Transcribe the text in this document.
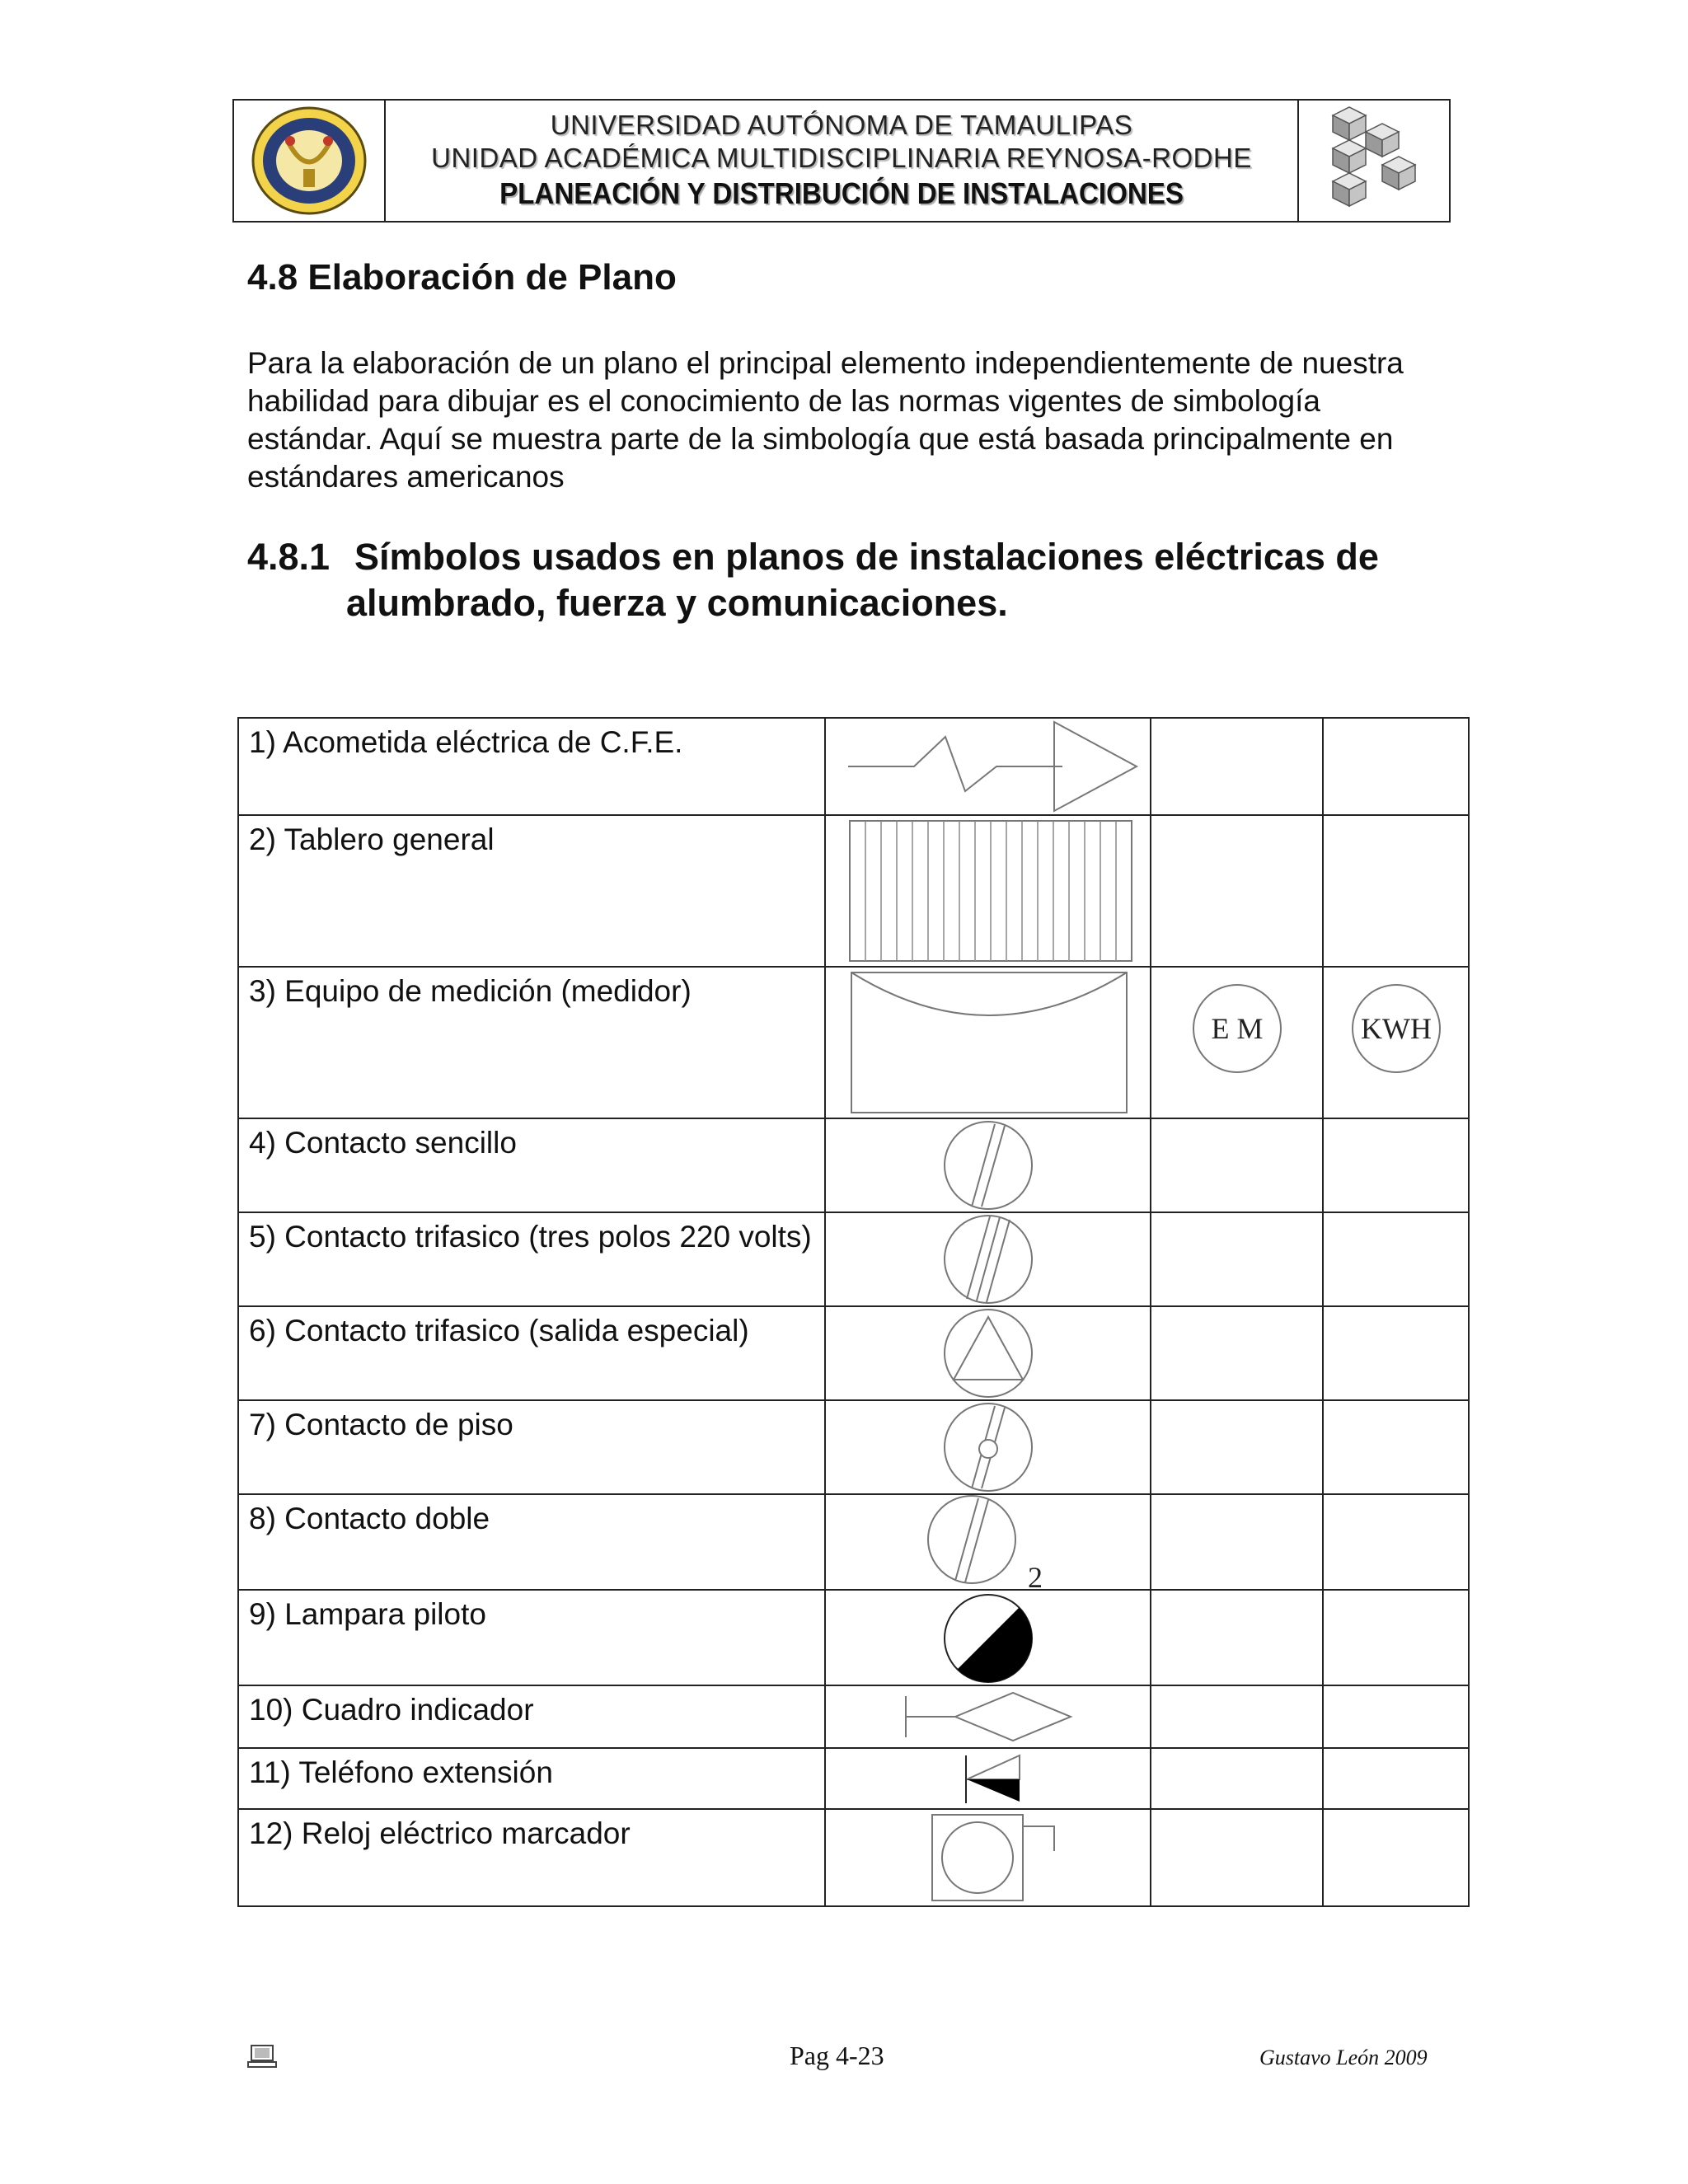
UNIVERSIDAD AUTÓNOMA DE TAMAULIPAS
UNIDAD ACADÉMICA MULTIDISCIPLINARIA REYNOSA-RODHE
PLANEACIÓN Y DISTRIBUCIÓN DE INSTALACIONES
4.8 Elaboración de Plano

Para la elaboración de un plano el principal elemento independientemente de nuestra habilidad para dibujar es el conocimiento de las normas vigentes de simbología estándar. Aquí se muestra parte de la simbología que está basada principalmente en estándares americanos

4.8.1 Símbolos usados en planos de instalaciones eléctricas de
alumbrado, fuerza y comunicaciones.
1) Acometida eléctrica de C.F.E.	

2) Tablero general	

3) Equipo de medición (medidor)		E M	KWH

4) Contacto sencillo	

5) Contacto trifasico (tres polos 220 volts)	

6) Contacto trifasico (salida especial)	

7) Contacto de piso	

8) Contacto doble	2		

9) Lampara piloto	

10) Cuadro indicador	

11) Teléfono extensión	

12) Reloj eléctrico marcador	

Pag 4-23	Gustavo León 2009
